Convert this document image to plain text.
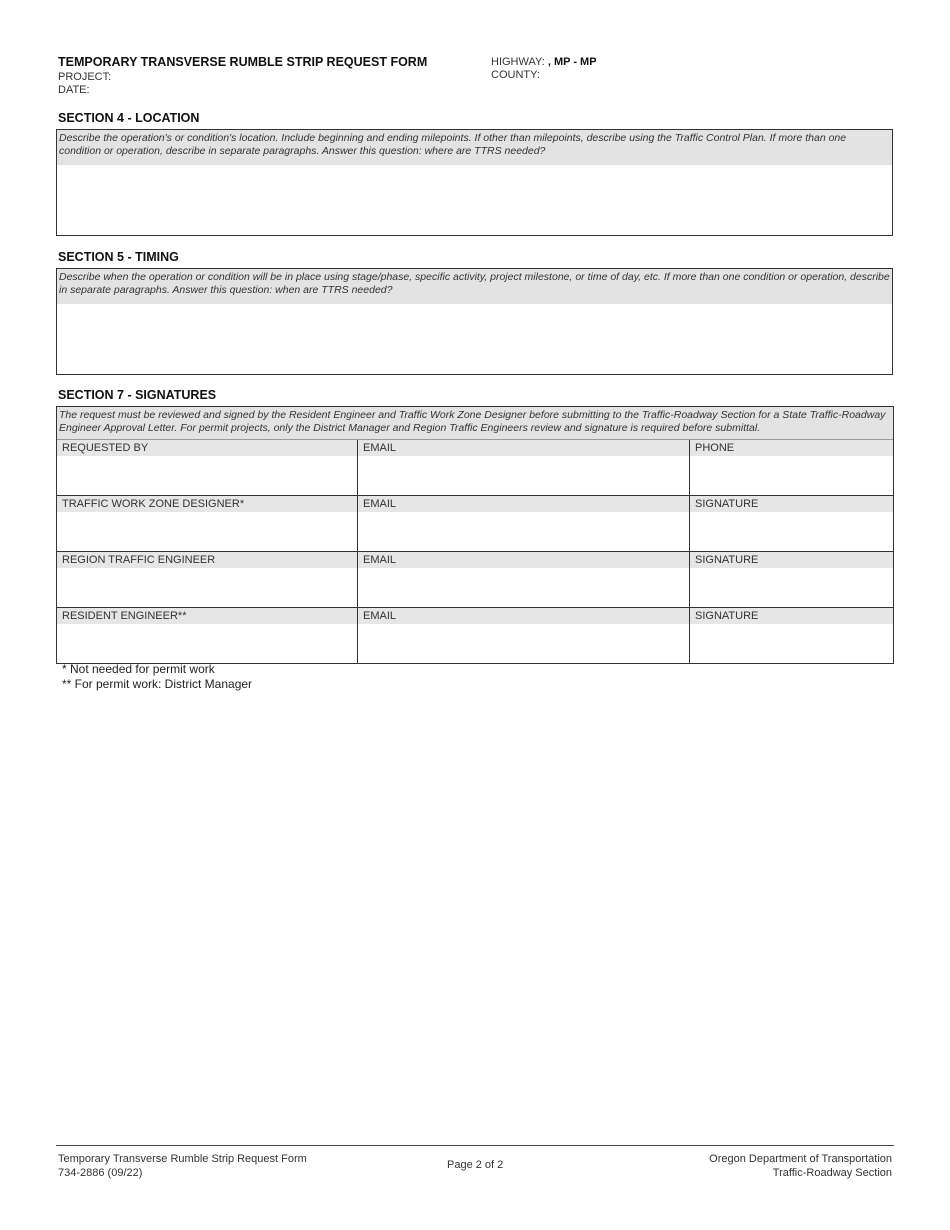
TEMPORARY TRANSVERSE RUMBLE STRIP REQUEST FORM
PROJECT:
DATE:
HIGHWAY: , MP - MP
COUNTY:
SECTION 4 - LOCATION
Describe the operation's or condition's location. Include beginning and ending milepoints. If other than milepoints, describe using the Traffic Control Plan. If more than one condition or operation, describe in separate paragraphs. Answer this question: where are TTRS needed?
SECTION 5 - TIMING
Describe when the operation or condition will be in place using stage/phase, specific activity, project milestone, or time of day, etc. If more than one condition or operation, describe in separate paragraphs. Answer this question: when are TTRS needed?
SECTION 7 - SIGNATURES
The request must be reviewed and signed by the Resident Engineer and Traffic Work Zone Designer before submitting to the Traffic-Roadway Section for a State Traffic-Roadway Engineer Approval Letter. For permit projects, only the District Manager and Region Traffic Engineers review and signature is required before submittal.
REQUESTED BY	EMAIL	PHONE
TRAFFIC WORK ZONE DESIGNER*	EMAIL	SIGNATURE
REGION TRAFFIC ENGINEER	EMAIL	SIGNATURE
RESIDENT ENGINEER**	EMAIL	SIGNATURE
* Not needed for permit work
** For permit work: District Manager
Temporary Transverse Rumble Strip Request Form
734-2886 (09/22)
Page 2 of 2	Oregon Department of Transportation
Traffic-Roadway Section
